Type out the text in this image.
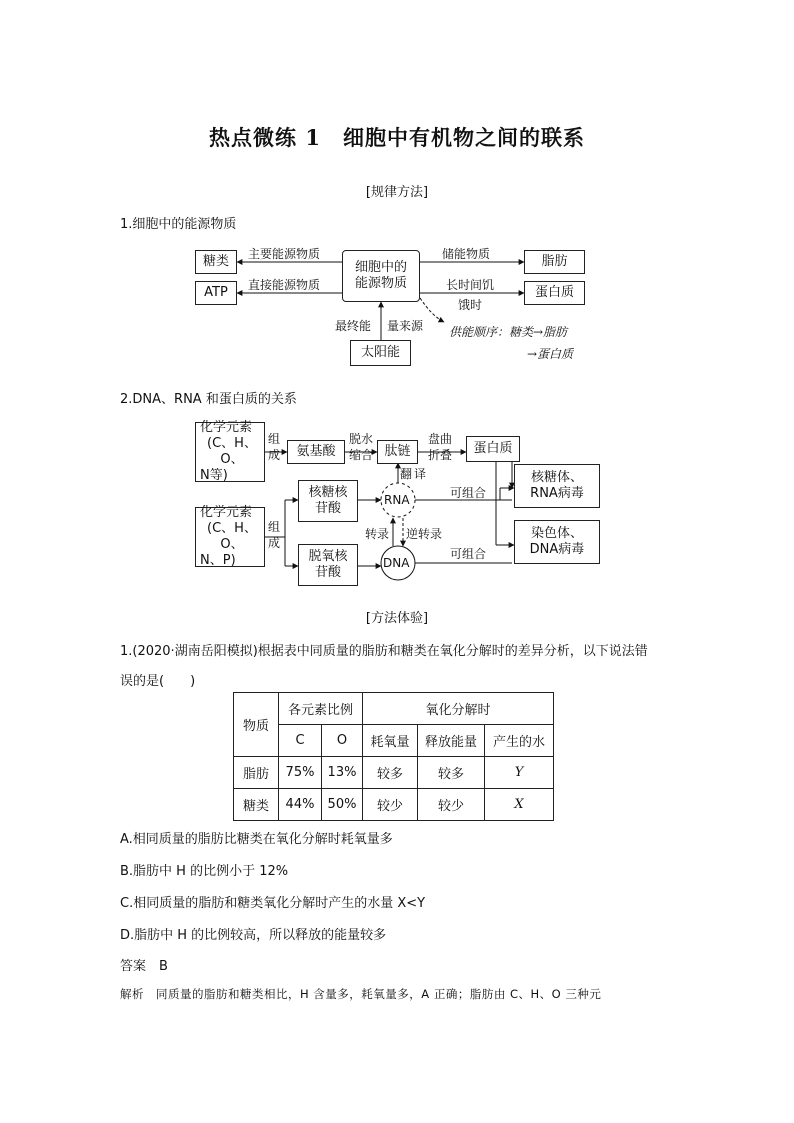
热点微练 1　细胞中有机物之间的联系
[规律方法]
1.细胞中的能源物质
糖类
ATP
细胞中的能源物质
脂肪
蛋白质
太阳能
主要能源物质
直接能源物质
储能物质
长时间饥
饿时
最终能 量来源 供能顺序：糖类→脂肪
→蛋白质
2.DNA、RNA 和蛋白质的关系
化学元素
(C、H、O、
N等)
化学元素
(C、H、O、
N、P)
组
成
组
成
氨基酸
脱水
缩合 肽链
盘曲
折叠	蛋白质
核糖核
苷酸
脱氧核
苷酸
RNA
DNA
翻 译
转录 逆转录
可组合
可组合
核糖体、
RNA病毒
染色体、
DNA病毒
[方法体验]
1.(2020·湖南岳阳模拟)根据表中同质量的脂肪和糖类在氧化分解时的差异分析，以下说法错
误的是(　　)
物质	各元素比例		氧化分解时		
	C	O	耗氧量	释放能量	产生的水
脂肪	75%	13%	较多	较多	Y
糖类	44%	50%	较少	较少	X
A.相同质量的脂肪比糖类在氧化分解时耗氧量多
B.脂肪中 H 的比例小于 12%
C.相同质量的脂肪和糖类氧化分解时产生的水量 X<Y
D.脂肪中 H 的比例较高，所以释放的能量较多
答案　B
解析　同质量的脂肪和糖类相比，H 含量多，耗氧量多，A 正确；脂肪由 C、H、O 三种元
